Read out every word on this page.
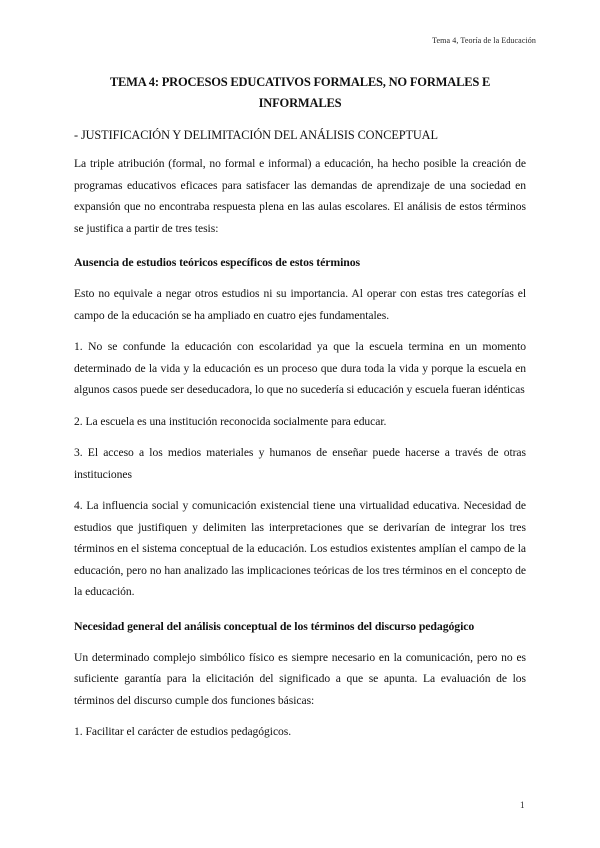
Tema 4, Teoría de la Educación
TEMA 4: PROCESOS EDUCATIVOS FORMALES, NO FORMALES E INFORMALES
- JUSTIFICACIÓN Y DELIMITACIÓN DEL ANÁLISIS CONCEPTUAL

La triple atribución (formal, no formal e informal) a educación, ha hecho posible la creación de programas educativos eficaces para satisfacer las demandas de aprendizaje de una sociedad en expansión que no encontraba respuesta plena en las aulas escolares. El análisis de estos términos se justifica a partir de tres tesis:

Ausencia de estudios teóricos específicos de estos términos

Esto no equivale a negar otros estudios ni su importancia. Al operar con estas tres categorías el campo de la educación se ha ampliado en cuatro ejes fundamentales.

1. No se confunde la educación con escolaridad ya que la escuela termina en un momento determinado de la vida y la educación es un proceso que dura toda la vida y porque la escuela en algunos casos puede ser deseducadora, lo que no sucedería si educación y escuela fueran idénticas

2. La escuela es una institución reconocida socialmente para educar.

3. El acceso a los medios materiales y humanos de enseñar puede hacerse a través de otras instituciones

4. La influencia social y comunicación existencial tiene una virtualidad educativa. Necesidad de estudios que justifiquen y delimiten las interpretaciones que se derivarían de integrar los tres términos en el sistema conceptual de la educación. Los estudios existentes amplían el campo de la educación, pero no han analizado las implicaciones teóricas de los tres términos en el concepto de la educación.

Necesidad general del análisis conceptual de los términos del discurso pedagógico

Un determinado complejo simbólico físico es siempre necesario en la comunicación, pero no es suficiente garantía para la elicitación del significado a que se apunta. La evaluación de los términos del discurso cumple dos funciones básicas:

1. Facilitar el carácter de estudios pedagógicos.

1
